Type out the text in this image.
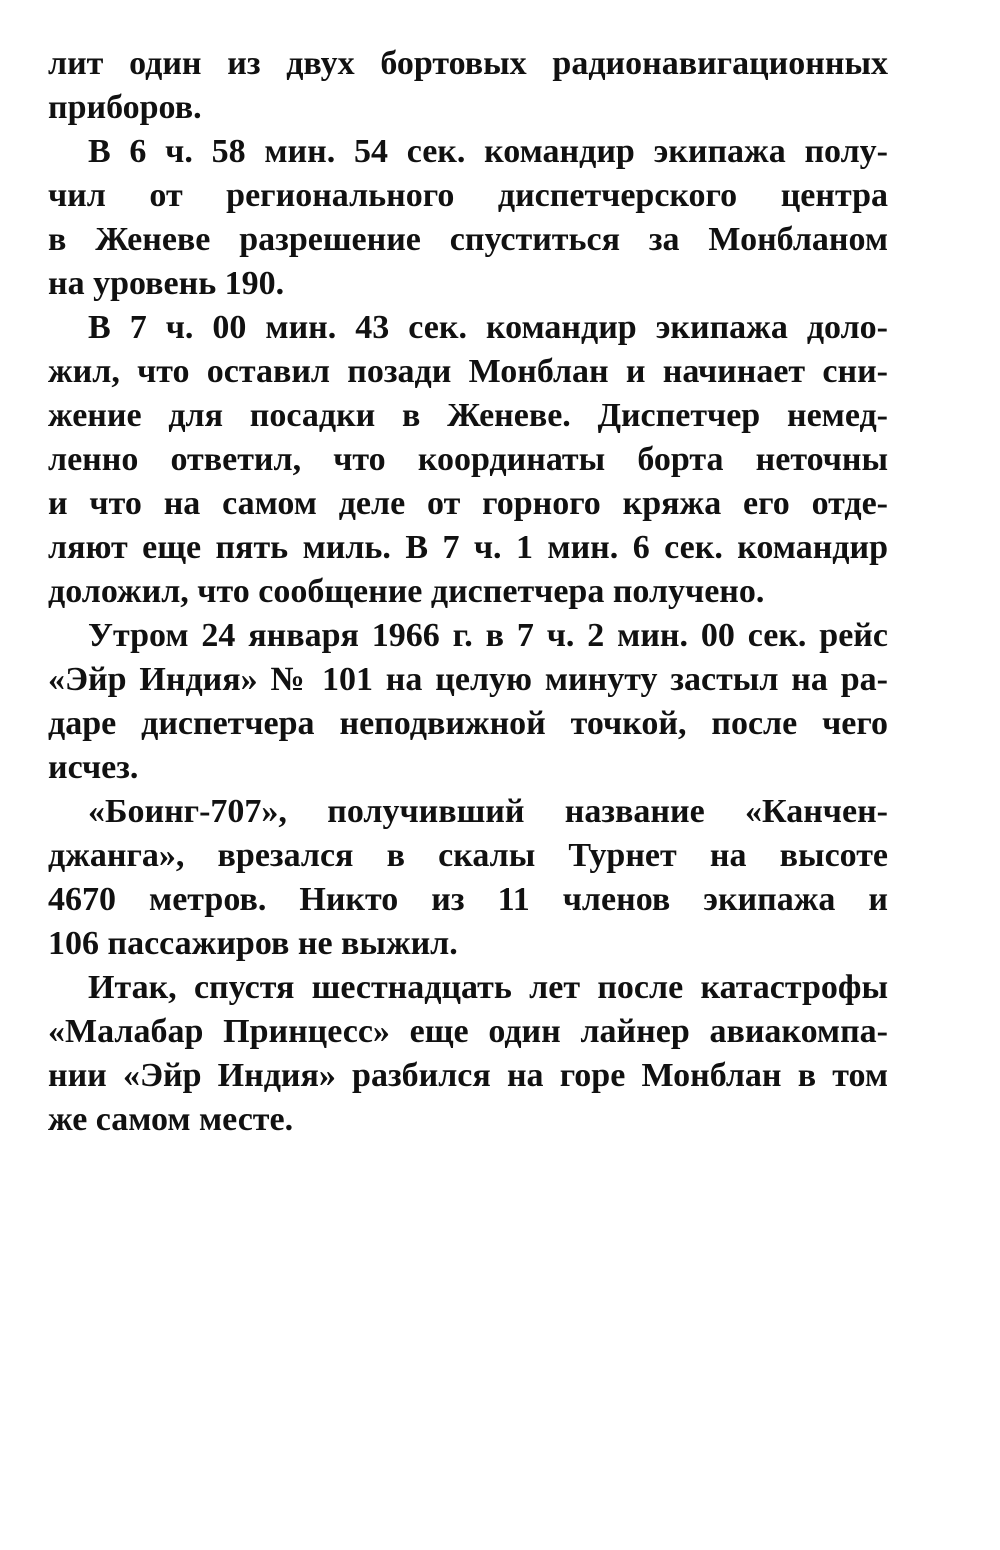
лит один из двух бортовых радионавигационных
приборов.
В 6 ч. 58 мин. 54 сек. командир экипажа полу-
чил от регионального диспетчерского центра
в Женеве разрешение спуститься за Монбланом
на уровень 190.
В 7 ч. 00 мин. 43 сек. командир экипажа доло-
жил, что оставил позади Монблан и начинает сни-
жение для посадки в Женеве. Диспетчер немед-
ленно ответил, что координаты борта неточны
и что на самом деле от горного кряжа его отде-
ляют еще пять миль. В 7 ч. 1 мин. 6 сек. командир
доложил, что сообщение диспетчера получено.
Утром 24 января 1966 г. в 7 ч. 2 мин. 00 сек. рейс
«Эйр Индия» № 101 на целую минуту застыл на ра-
даре диспетчера неподвижной точкой, после чего
исчез.
«Боинг-707», получивший название «Канчен-
джанга», врезался в скалы Турнет на высоте
4670 метров. Никто из 11 членов экипажа и
106 пассажиров не выжил.
Итак, спустя шестнадцать лет после катастрофы
«Малабар Принцесс» еще один лайнер авиакомпа-
нии «Эйр Индия» разбился на горе Монблан в том
же самом месте.
